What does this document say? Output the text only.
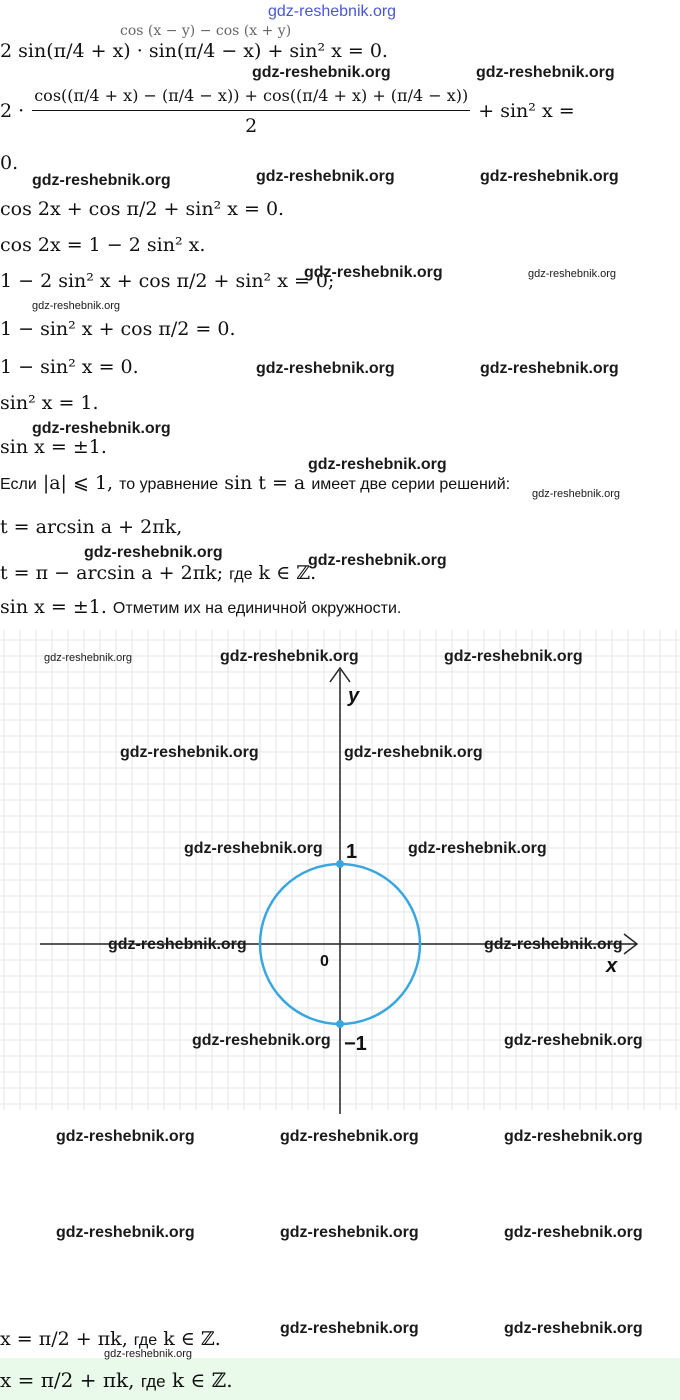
gdz-reshebnik.org
cos (x − y) − cos (x + y)
2 sin(π/4 + x) · sin(π/4 − x) + sin² x = 0.
$2 \cdot \frac{\cos((\pi/4 + x) - (\pi/4 - x)) + \cos((\pi/4 + x) + (\pi/4 - x))}{2} + \sin^2$ x =
0.
cos 2x + cos π/2 + sin² x = 0.
cos 2x = 1 − 2 sin² x.
1 − 2 sin² x + cos π/2 + sin² x = 0;
1 − sin² x + cos π/2 = 0.
1 − sin² x = 0.
sin² x = 1.
sin x = ±1.
Если |a| ⩽ 1, то уравнение sin t = a имеет две серии решений:
t = arcsin a + 2πk,
t = π − arcsin a + 2πk; где k ∈ ℤ.
sin x = ±1. Отметим их на единичной окружности.
y
x
0
1
−1
x = π/2 + πk, где k ∈ ℤ.
x = π/2 + πk, где k ∈ ℤ.
gdz-reshebnik.org	gdz-reshebnik.org
gdz-reshebnik.org	gdz-reshebnik.org	gdz-reshebnik.org
gdz-reshebnik.org	gdz-reshebnik.org
gdz-reshebnik.org
gdz-reshebnik.org	gdz-reshebnik.org
gdz-reshebnik.org
gdz-reshebnik.org
gdz-reshebnik.org
gdz-reshebnik.org	gdz-reshebnik.org
gdz-reshebnik.org	gdz-reshebnik.org	gdz-reshebnik.org
gdz-reshebnik.org	gdz-reshebnik.org
gdz-reshebnik.org	gdz-reshebnik.org
gdz-reshebnik.org	gdz-reshebnik.org
gdz-reshebnik.org	gdz-reshebnik.org
gdz-reshebnik.org	gdz-reshebnik.org	gdz-reshebnik.org
gdz-reshebnik.org	gdz-reshebnik.org	gdz-reshebnik.org
gdz-reshebnik.org	gdz-reshebnik.org
gdz-reshebnik.org
